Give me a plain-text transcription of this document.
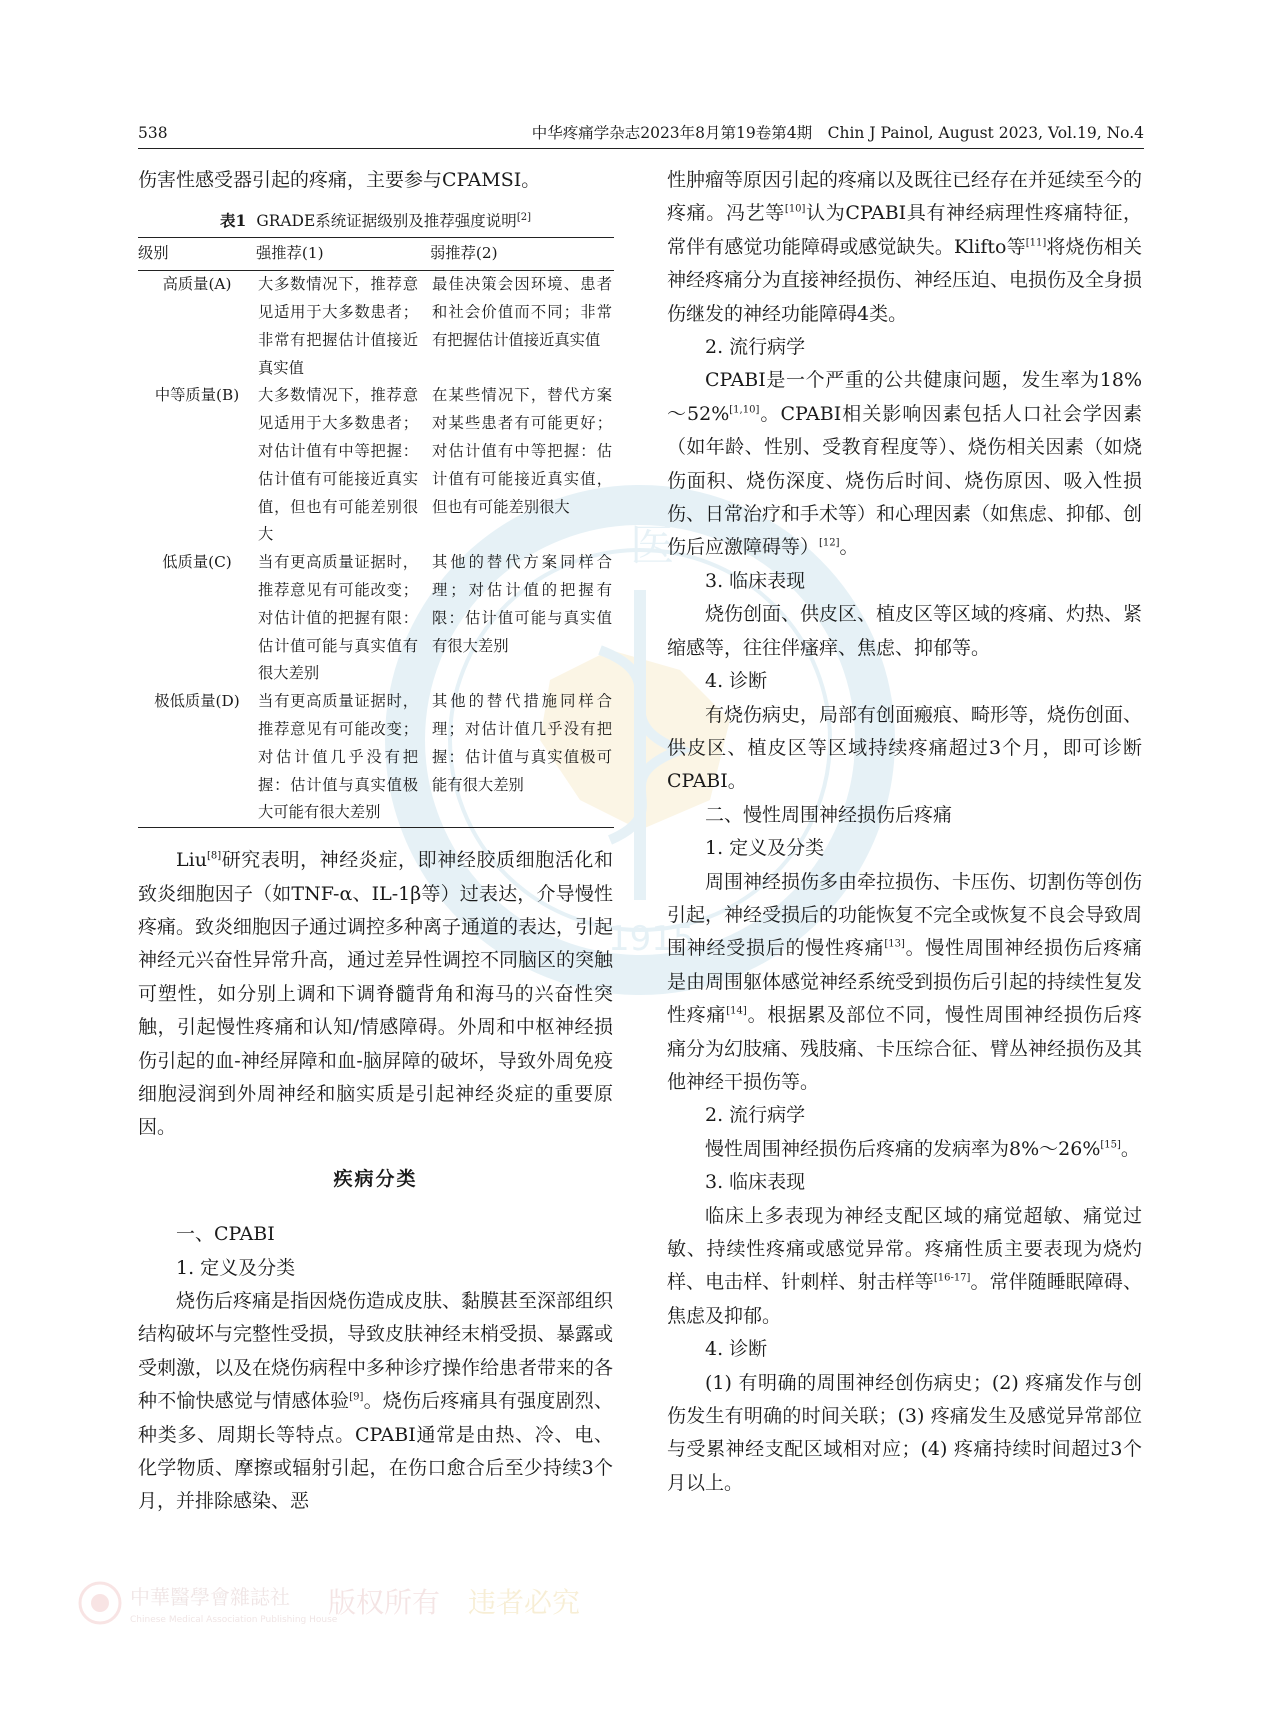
医
1915
538	中华疼痛学杂志2023年8月第19卷第4期　Chin J Painol, August 2023, Vol.19, No.4

伤害性感受器引起的疼痛，主要参与CPAMSI。

表1 GRADE系统证据级别及推荐强度说明[2]
级别	强推荐(1)	弱推荐(2)
高质量(A)	大多数情况下，推荐意见适用于大多数患者；非常有把握估计值接近真实值	最佳决策会因环境、患者和社会价值而不同；非常有把握估计值接近真实值
中等质量(B)	大多数情况下，推荐意见适用于大多数患者；对估计值有中等把握：估计值有可能接近真实值，但也有可能差别很大	在某些情况下，替代方案对某些患者有可能更好；对估计值有中等把握：估计值有可能接近真实值，但也有可能差别很大
低质量(C)	当有更高质量证据时，推荐意见有可能改变；对估计值的把握有限：估计值可能与真实值有很大差别	其他的替代方案同样合理；对估计值的把握有限：估计值可能与真实值有很大差别
极低质量(D)	当有更高质量证据时，推荐意见有可能改变；对估计值几乎没有把握：估计值与真实值极大可能有很大差别	其他的替代措施同样合理；对估计值几乎没有把握：估计值与真实值极可能有很大差别

Liu[8]研究表明，神经炎症，即神经胶质细胞活化和致炎细胞因子（如TNF-α、IL-1β等）过表达，介导慢性疼痛。致炎细胞因子通过调控多种离子通道的表达，引起神经元兴奋性异常升高，通过差异性调控不同脑区的突触可塑性，如分别上调和下调脊髓背角和海马的兴奋性突触，引起慢性疼痛和认知/情感障碍。外周和中枢神经损伤引起的血-神经屏障和血-脑屏障的破坏，导致外周免疫细胞浸润到外周神经和脑实质是引起神经炎症的重要原因。

疾病分类

一、CPABI

1. 定义及分类

烧伤后疼痛是指因烧伤造成皮肤、黏膜甚至深部组织结构破坏与完整性受损，导致皮肤神经末梢受损、暴露或受刺激，以及在烧伤病程中多种诊疗操作给患者带来的各种不愉快感觉与情感体验[9]。烧伤后疼痛具有强度剧烈、种类多、周期长等特点。CPABI通常是由热、冷、电、化学物质、摩擦或辐射引起，在伤口愈合后至少持续3个月，并排除感染、恶

性肿瘤等原因引起的疼痛以及既往已经存在并延续至今的疼痛。冯艺等[10]认为CPABI具有神经病理性疼痛特征，常伴有感觉功能障碍或感觉缺失。Klifto等[11]将烧伤相关神经疼痛分为直接神经损伤、神经压迫、电损伤及全身损伤继发的神经功能障碍4类。

2. 流行病学

CPABI是一个严重的公共健康问题，发生率为18%～52%[1,10]。CPABI相关影响因素包括人口社会学因素（如年龄、性别、受教育程度等）、烧伤相关因素（如烧伤面积、烧伤深度、烧伤后时间、烧伤原因、吸入性损伤、日常治疗和手术等）和心理因素（如焦虑、抑郁、创伤后应激障碍等）[12]。

3. 临床表现

烧伤创面、供皮区、植皮区等区域的疼痛、灼热、紧缩感等，往往伴瘙痒、焦虑、抑郁等。

4. 诊断

有烧伤病史，局部有创面瘢痕、畸形等，烧伤创面、供皮区、植皮区等区域持续疼痛超过3个月，即可诊断CPABI。

二、慢性周围神经损伤后疼痛

1. 定义及分类

周围神经损伤多由牵拉损伤、卡压伤、切割伤等创伤引起，神经受损后的功能恢复不完全或恢复不良会导致周围神经受损后的慢性疼痛[13]。慢性周围神经损伤后疼痛是由周围躯体感觉神经系统受到损伤后引起的持续性复发性疼痛[14]。根据累及部位不同，慢性周围神经损伤后疼痛分为幻肢痛、残肢痛、卡压综合征、臂丛神经损伤及其他神经干损伤等。

2. 流行病学

慢性周围神经损伤后疼痛的发病率为8%～26%[15]。

3. 临床表现

临床上多表现为神经支配区域的痛觉超敏、痛觉过敏、持续性疼痛或感觉异常。疼痛性质主要表现为烧灼样、电击样、针刺样、射击样等[16-17]。常伴随睡眠障碍、焦虑及抑郁。

4. 诊断

(1) 有明确的周围神经创伤病史；(2) 疼痛发作与创伤发生有明确的时间关联；(3) 疼痛发生及感觉异常部位与受累神经支配区域相对应；(4) 疼痛持续时间超过3个月以上。

中華醫學會雜誌社
Chinese Medical Association Publishing House
版权所有 违者必究
